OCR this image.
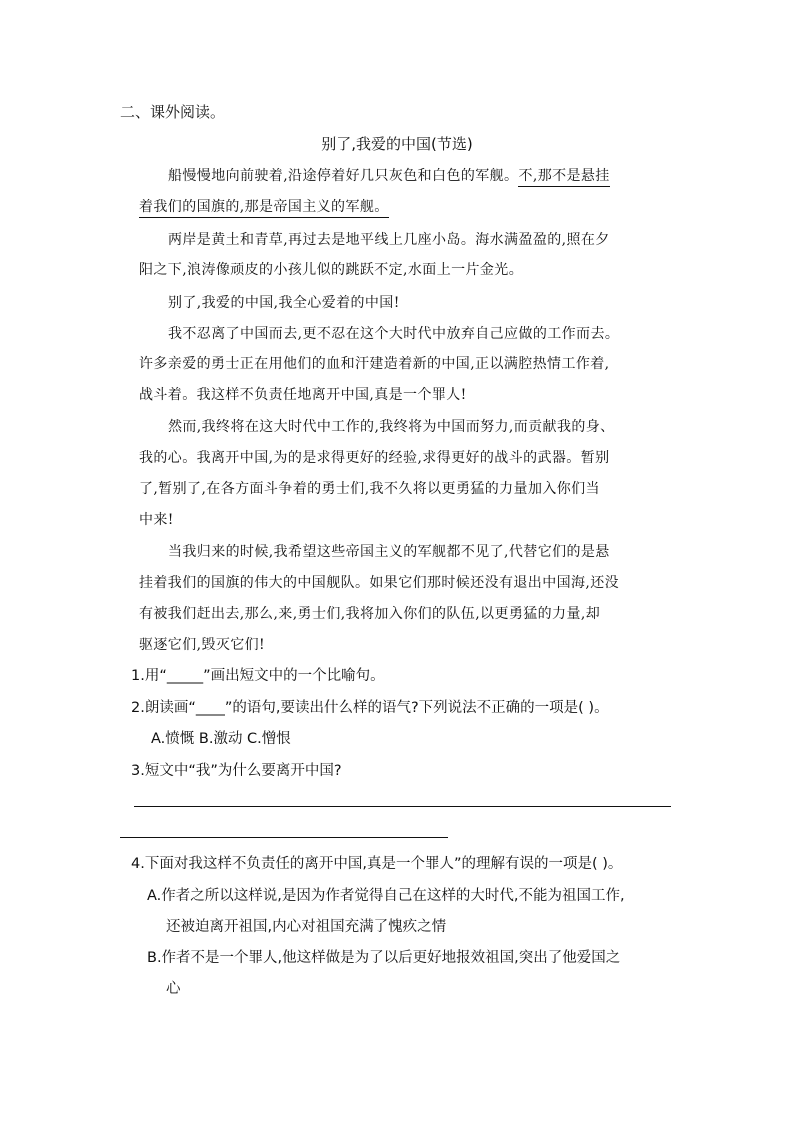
二、课外阅读。
别了,我爱的中国(节选)
船慢慢地向前驶着,沿途停着好几只灰色和白色的军舰。不,那不是悬挂
着我们的国旗的,那是帝国主义的军舰。
两岸是黄土和青草,再过去是地平线上几座小岛。海水满盈盈的,照在夕
阳之下,浪涛像顽皮的小孩儿似的跳跃不定,水面上一片金光。
别了,我爱的中国,我全心爱着的中国!
我不忍离了中国而去,更不忍在这个大时代中放弃自己应做的工作而去。
许多亲爱的勇士正在用他们的血和汗建造着新的中国,正以满腔热情工作着,
战斗着。我这样不负责任地离开中国,真是一个罪人!
然而,我终将在这大时代中工作的,我终将为中国而努力,而贡献我的身、
我的心。我离开中国,为的是求得更好的经验,求得更好的战斗的武器。暂别
了,暂别了,在各方面斗争着的勇士们,我不久将以更勇猛的力量加入你们当
中来!
当我归来的时候,我希望这些帝国主义的军舰都不见了,代替它们的是悬
挂着我们的国旗的伟大的中国舰队。如果它们那时候还没有退出中国海,还没
有被我们赶出去,那么,来,勇士们,我将加入你们的队伍,以更勇猛的力量,却
驱逐它们,毁灭它们!
1.用“_____”画出短文中的一个比喻句。
2.朗读画“____”的语句,要读出什么样的语气?下列说法不正确的一项是( )。
A.愤慨 B.激动 C.憎恨
3.短文中“我”为什么要离开中国?
4.下面对我这样不负责任的离开中国,真是一个罪人”的理解有误的一项是( )。
A.作者之所以这样说,是因为作者觉得自己在这样的大时代,不能为祖国工作,
还被迫离开祖国,内心对祖国充满了愧疚之情
B.作者不是一个罪人,他这样做是为了以后更好地报效祖国,突出了他爱国之
心
